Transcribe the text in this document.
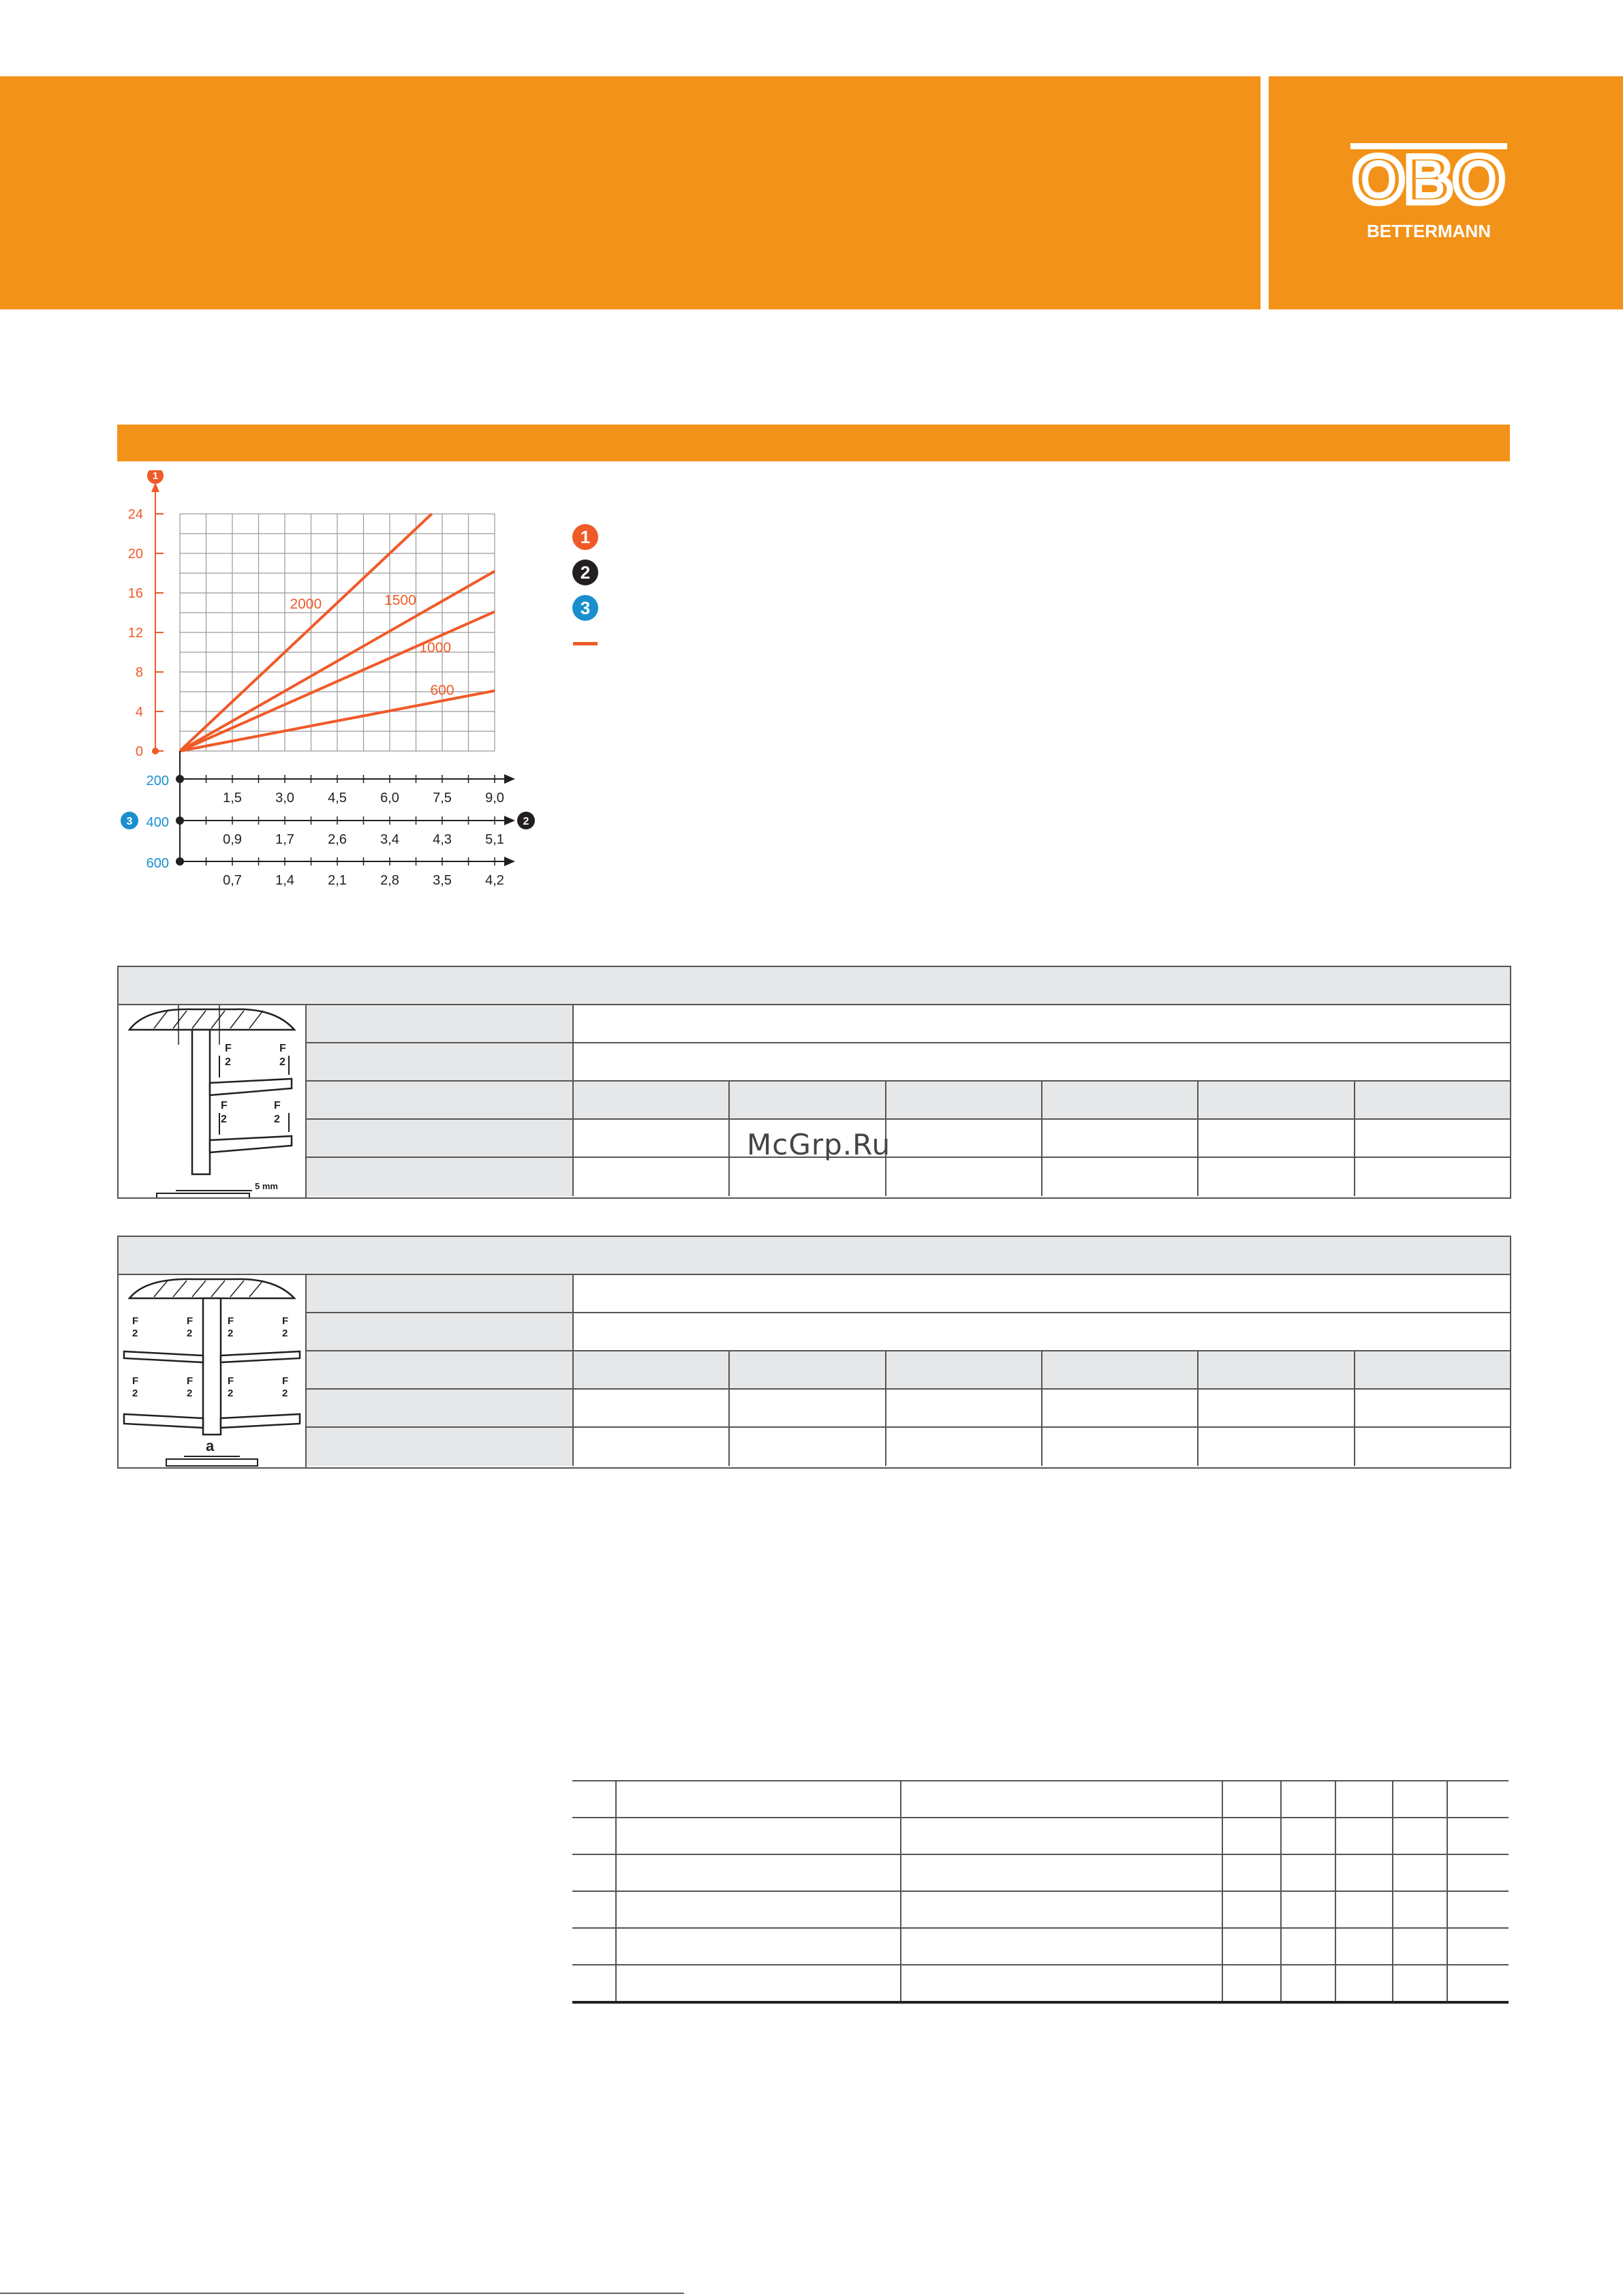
OBO
BETTERMANN
1
24
20
16
12
8
4
0
2000	1500
1000
600
200
1,5 3,0 4,5 6,0 7,5 9,0
400
0,9 1,7 2,6 3,4 4,3 5,1
3	2
600
0,7 1,4 2,1 2,8 3,5 4,2
1
2
3
F
2
F
2
F
2
F
2
5 mm
F
2
F
2
F
2
F
2
F
2
F
2
F
2
F
2
a
McGrp.Ru
